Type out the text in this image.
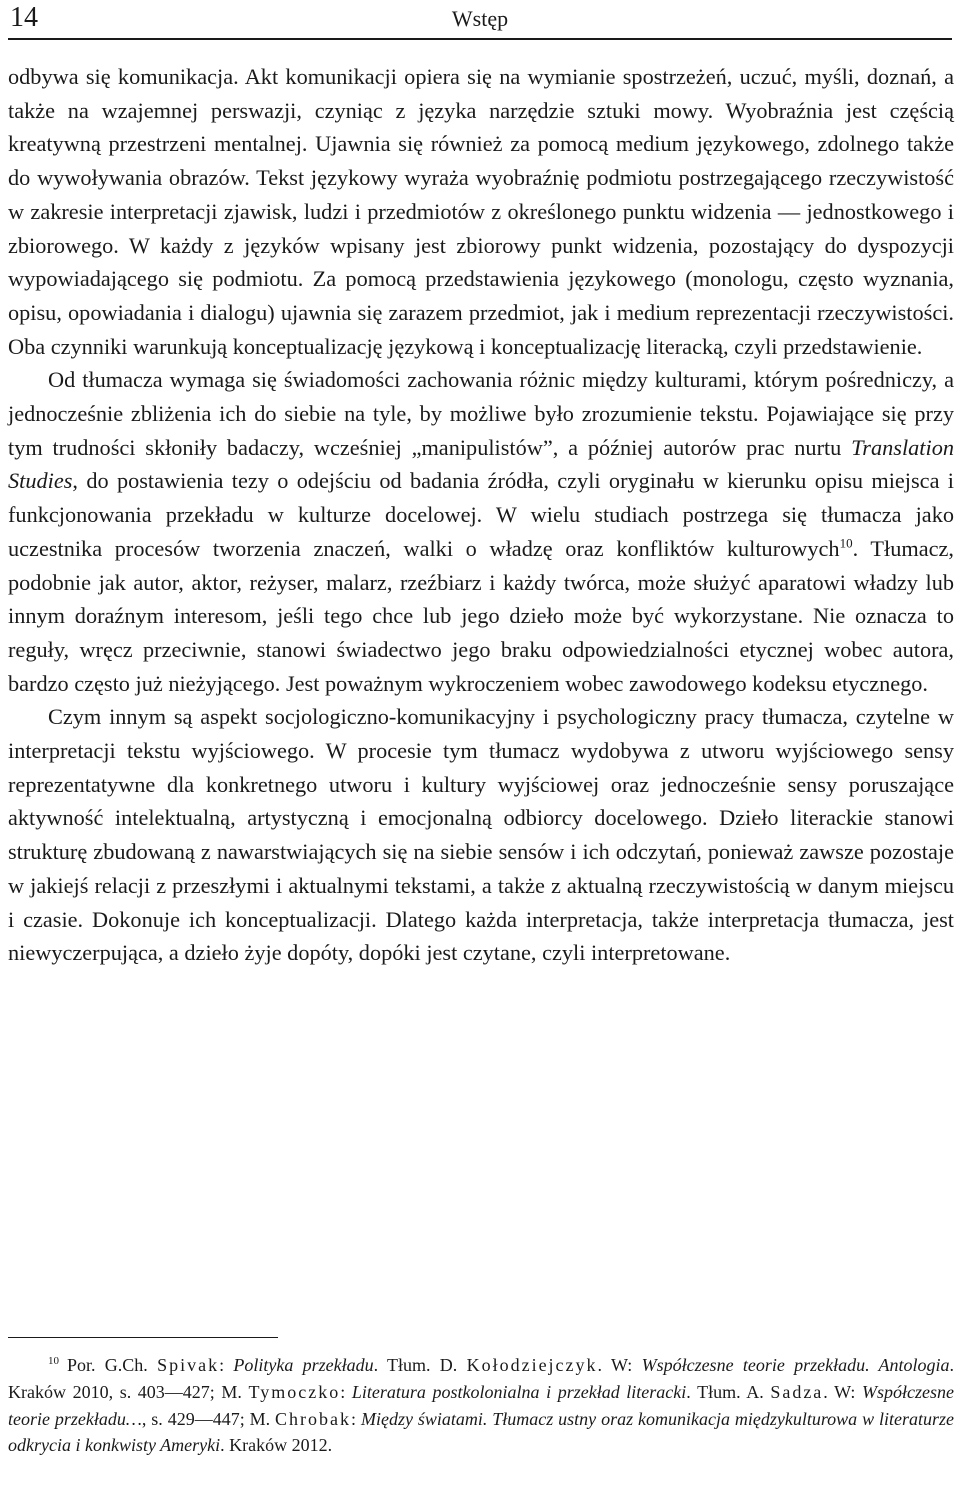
14	Wstęp

odbywa się komunikacja. Akt komunikacji opiera się na wymianie spostrzeżeń, uczuć, myśli, doznań, a także na wzajemnej perswazji, czyniąc z języka narzędzie sztuki mowy. Wyobraźnia jest częścią kreatywną przestrzeni mentalnej. Ujawnia się również za pomocą medium językowego, zdolnego także do wywoływania obrazów. Tekst językowy wyraża wyobraźnię podmiotu postrzegającego rzeczywistość w zakresie interpretacji zjawisk, ludzi i przedmiotów z określonego punktu widzenia — jednostkowego i zbiorowego. W każdy z języków wpisany jest zbiorowy punkt widzenia, pozostający do dyspozycji wypowiadającego się podmiotu. Za pomocą przedstawienia językowego (monologu, często wyznania, opisu, opowiadania i dialogu) ujawnia się zarazem przedmiot, jak i medium reprezentacji rzeczywistości. Oba czynniki warunkują konceptualizację językową i konceptualizację literacką, czyli przedstawienie.

Od tłumacza wymaga się świadomości zachowania różnic między kulturami, którym pośredniczy, a jednocześnie zbliżenia ich do siebie na tyle, by możliwe było zrozumienie tekstu. Pojawiające się przy tym trudności skłoniły badaczy, wcześniej „manipulistów”, a później autorów prac nurtu Translation Studies, do postawienia tezy o odejściu od badania źródła, czyli oryginału w kierunku opisu miejsca i funkcjonowania przekładu w kulturze docelowej. W wielu studiach postrzega się tłumacza jako uczestnika procesów tworzenia znaczeń, walki o władzę oraz konfliktów kulturowych$^{10}$. Tłumacz, podobnie jak autor, aktor, reżyser, malarz, rzeźbiarz i każdy twórca, może służyć aparatowi władzy lub innym doraźnym interesom, jeśli tego chce lub jego dzieło może być wykorzystane. Nie oznacza to reguły, wręcz przeciwnie, stanowi świadectwo jego braku odpowiedzialności etycznej wobec autora, bardzo często już nieżyjącego. Jest poważnym wykroczeniem wobec zawodowego kodeksu etycznego.

Czym innym są aspekt socjologiczno-komunikacyjny i psychologiczny pracy tłumacza, czytelne w interpretacji tekstu wyjściowego. W procesie tym tłumacz wydobywa z utworu wyjściowego sensy reprezentatywne dla konkretnego utworu i kultury wyjściowej oraz jednocześnie sensy poruszające aktywność intelektualną, artystyczną i emocjonalną odbiorcy docelowego. Dzieło literackie stanowi strukturę zbudowaną z nawarstwiających się na siebie sensów i ich odczytań, ponieważ zawsze pozostaje w jakiejś relacji z przeszłymi i aktualnymi tekstami, a także z aktualną rzeczywistością w danym miejscu i czasie. Dokonuje ich konceptualizacji. Dlatego każda interpretacja, także interpretacja tłumacza, jest niewyczerpująca, a dzieło żyje dopóty, dopóki jest czytane, czyli interpretowane.

$^{10}$ Por. G.Ch. Spivak: Polityka przekładu. Tłum. D. Kołodziejczyk. W: Współczesne teorie przekładu. Antologia. Kraków 2010, s. 403—427; M. Tymoczko: Literatura postkolonialna i przekład literacki. Tłum. A. Sadza. W: Współczesne teorie przekładu…, s. 429—447; M. Chrobak: Między światami. Tłumacz ustny oraz komunikacja międzykulturowa w literaturze odkrycia i konkwisty Ameryki. Kraków 2012.
